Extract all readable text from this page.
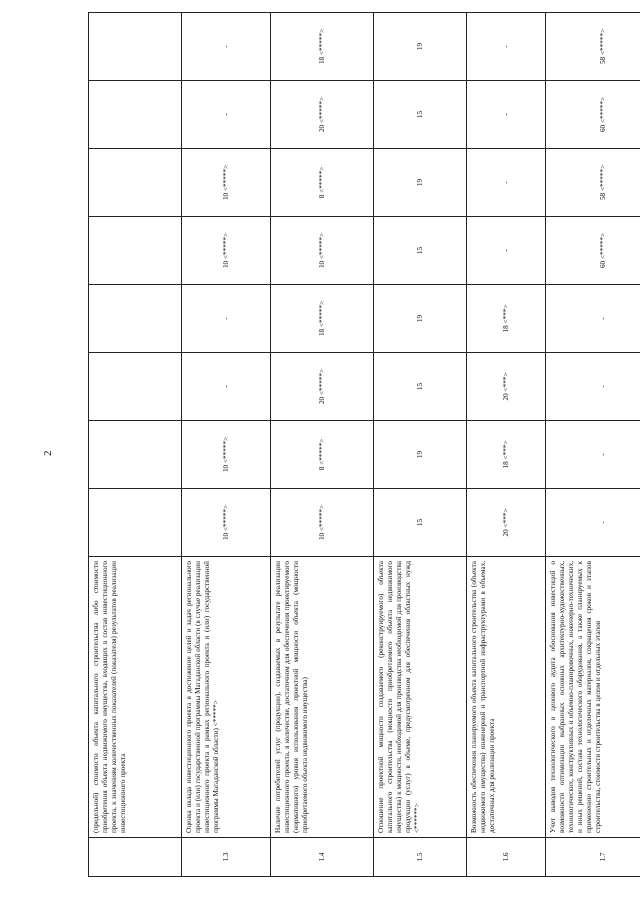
2
	(предельной) стоимости объекта капитального строительства либо стоимости приобретения объекта недвижимого имущества, входящих в состав инвестиционного проекта, к значениям количественных показателей (показателя) результатов реализации инвестиционного проекта								
1.3	Оценка вклада инвестиционного проекта в достижение целей и задач регионального проекта и (или) государственной программы Магаданской области (в случае реализации инвестиционного проекта в рамках регионального проекта и (или) государственной программы Магаданской области) <*****>	10 <*****>	10 <*****>	-	-	10 <*****>	10 <*****>	-	-
1.4	Наличие потребителей услуг (продукции), создаваемых в результате реализации инвестиционного проекта, в количестве, достаточном для обеспечения проектируемого (нормативного) уровня использования проектной мощности объекта (мощности приобретаемого объекта недвижимого имущества)	10 <*****>	8 <*****>	20 <*****>	18 <*****>	10 <*****>	8 <*****>	20 <*****>	18 <*****>
1.5	Отношение проектной мощности создаваемого (реконструируемого) объекта капитального строительства (мощности приобретаемого объекта недвижимого имущества) к мощности, необходимой для производства необходимой для производства продукции (услуг) в объеме, предусмотренном для обеспечения областных нужд <******>	15	19	15	19	15	19	15	19
1.6	Возможность обеспечения планируемого объекта капитального строительства (объекта недвижимого имущества) инженерной и транспортной инфраструктурами в объемах, достаточных для реализации проекта	20 <***>	18 <***>	20 <***>	18 <***>	-	-	-	-
1.7	Учет выводов технологического и ценового аудита обоснования инвестиций о возможности оптимизации выбранных основных архитектурно-художественных, технологических, конструктивных и объемно-планировочных, инженерно-технических, и иных решений, состава технологического оборудования, а также планируемых к применению строительных и отделочных материалов, сокращения сроков и этапов строительства, стоимости строительства в целом и отдельных этапов	-	-	-	-	60 <*****>	58 <*****>	60 <*****>	58 <*****>
